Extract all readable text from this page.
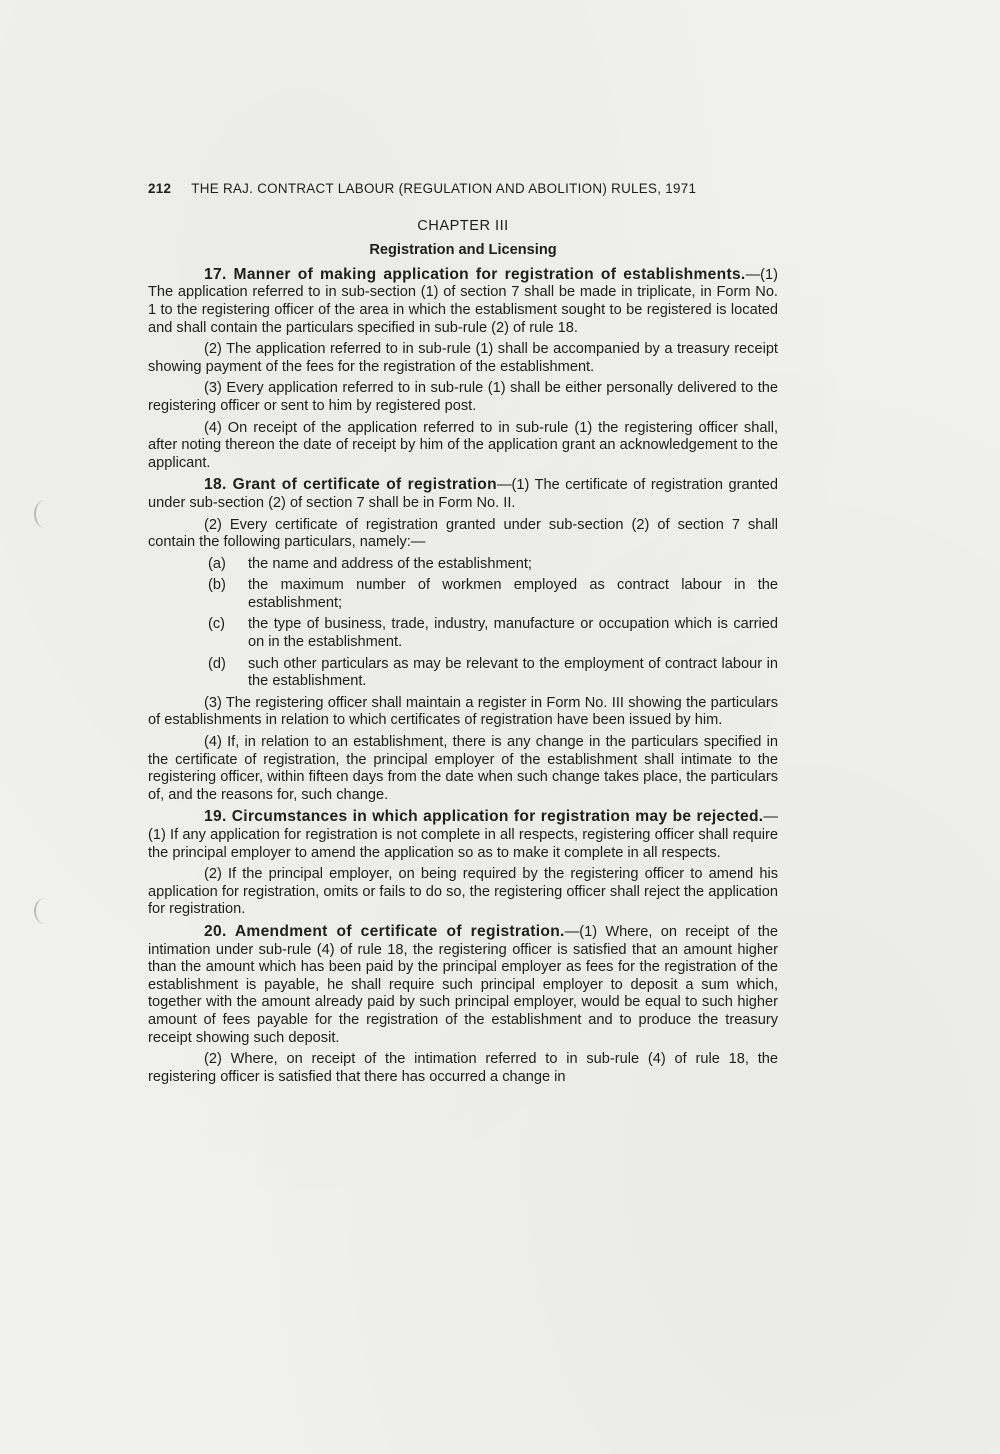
212 THE RAJ. CONTRACT LABOUR (REGULATION AND ABOLITION) RULES, 1971
CHAPTER III
Registration and Licensing

17. Manner of making application for registration of establishments.—(1) The application referred to in sub-section (1) of section 7 shall be made in triplicate, in Form No. 1 to the registering officer of the area in which the establisment sought to be registered is located and shall contain the particulars specified in sub-rule (2) of rule 18.

(2) The application referred to in sub-rule (1) shall be accompanied by a treasury receipt showing payment of the fees for the registration of the establishment.

(3) Every application referred to in sub-rule (1) shall be either personally delivered to the registering officer or sent to him by registered post.

(4) On receipt of the application referred to in sub-rule (1) the registering officer shall, after noting thereon the date of receipt by him of the application grant an acknowledgement to the applicant.

18. Grant of certificate of registration—(1) The certificate of registration granted under sub-section (2) of section 7 shall be in Form No. II.

(2) Every certificate of registration granted under sub-section (2) of section 7 shall contain the following particulars, namely:—

(a) the name and address of the establishment;
(b) the maximum number of workmen employed as contract labour in the establishment;
(c) the type of business, trade, industry, manufacture or occupation which is carried on in the establishment.
(d) such other particulars as may be relevant to the employment of contract labour in the establishment.

(3) The registering officer shall maintain a register in Form No. III showing the particulars of establishments in relation to which certificates of registration have been issued by him.

(4) If, in relation to an establishment, there is any change in the particulars specified in the certificate of registration, the principal employer of the establishment shall intimate to the registering officer, within fifteen days from the date when such change takes place, the particulars of, and the reasons for, such change.

19. Circumstances in which application for registration may be rejected.—(1) If any application for registration is not complete in all respects, registering officer shall require the principal employer to amend the application so as to make it complete in all respects.

(2) If the principal employer, on being required by the registering officer to amend his application for registration, omits or fails to do so, the registering officer shall reject the application for registration.

20. Amendment of certificate of registration.—(1) Where, on receipt of the intimation under sub-rule (4) of rule 18, the registering officer is satisfied that an amount higher than the amount which has been paid by the principal employer as fees for the registration of the establishment is payable, he shall require such principal employer to deposit a sum which, together with the amount already paid by such principal employer, would be equal to such higher amount of fees payable for the registration of the establishment and to produce the treasury receipt showing such deposit.

(2) Where, on receipt of the intimation referred to in sub-rule (4) of rule 18, the registering officer is satisfied that there has occurred a change in
